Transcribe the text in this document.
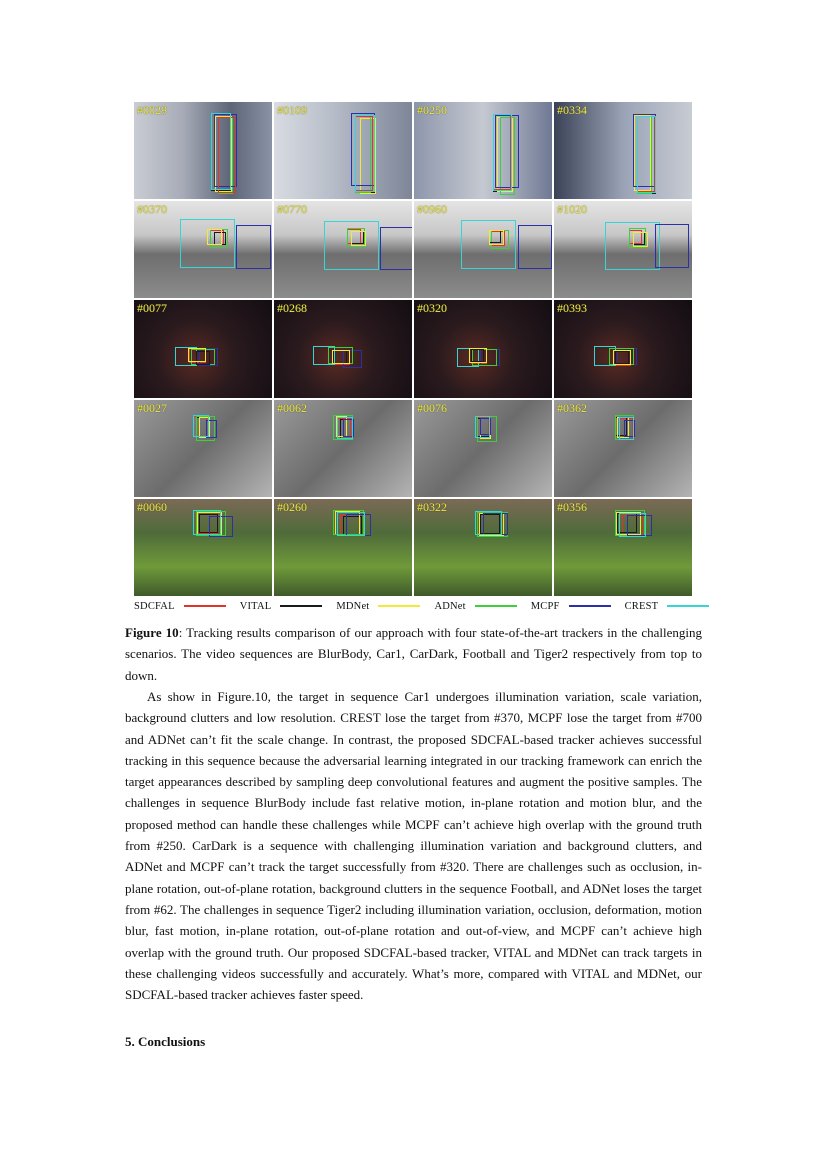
#0029	#0109	#0250	#0334
#0370	#0770	#0960	#1020
#0077	#0268	#0320	#0393
#0027	#0062	#0076	#0362
#0060	#0260	#0322	#0356
SDCFAL	VITAL	MDNet	ADNet	MCPF	CREST
Figure 10: Tracking results comparison of our approach with four state-of-the-art trackers in the challenging scenarios. The video sequences are BlurBody, Car1, CarDark, Football and Tiger2 respectively from top to down.
As show in Figure.10, the target in sequence Car1 undergoes illumination variation, scale variation, background clutters and low resolution. CREST lose the target from #370, MCPF lose the target from #700 and ADNet can’t fit the scale change. In contrast, the proposed SDCFAL-based tracker achieves successful tracking in this sequence because the adversarial learning integrated in our tracking framework can enrich the target appearances described by sampling deep convolutional features and augment the positive samples. The challenges in sequence BlurBody include fast relative motion, in-plane rotation and motion blur, and the proposed method can handle these challenges while MCPF can’t achieve high overlap with the ground truth from #250. CarDark is a sequence with challenging illumination variation and background clutters, and ADNet and MCPF can’t track the target successfully from #320. There are challenges such as occlusion, in-plane rotation, out-of-plane rotation, background clutters in the sequence Football, and ADNet loses the target from #62. The challenges in sequence Tiger2 including illumination variation, occlusion, deformation, motion blur, fast motion, in-plane rotation, out-of-plane rotation and out-of-view, and MCPF can’t achieve high overlap with the ground truth. Our proposed SDCFAL-based tracker, VITAL and MDNet can track targets in these challenging videos successfully and accurately. What’s more, compared with VITAL and MDNet, our SDCFAL-based tracker achieves faster speed.
5. Conclusions
